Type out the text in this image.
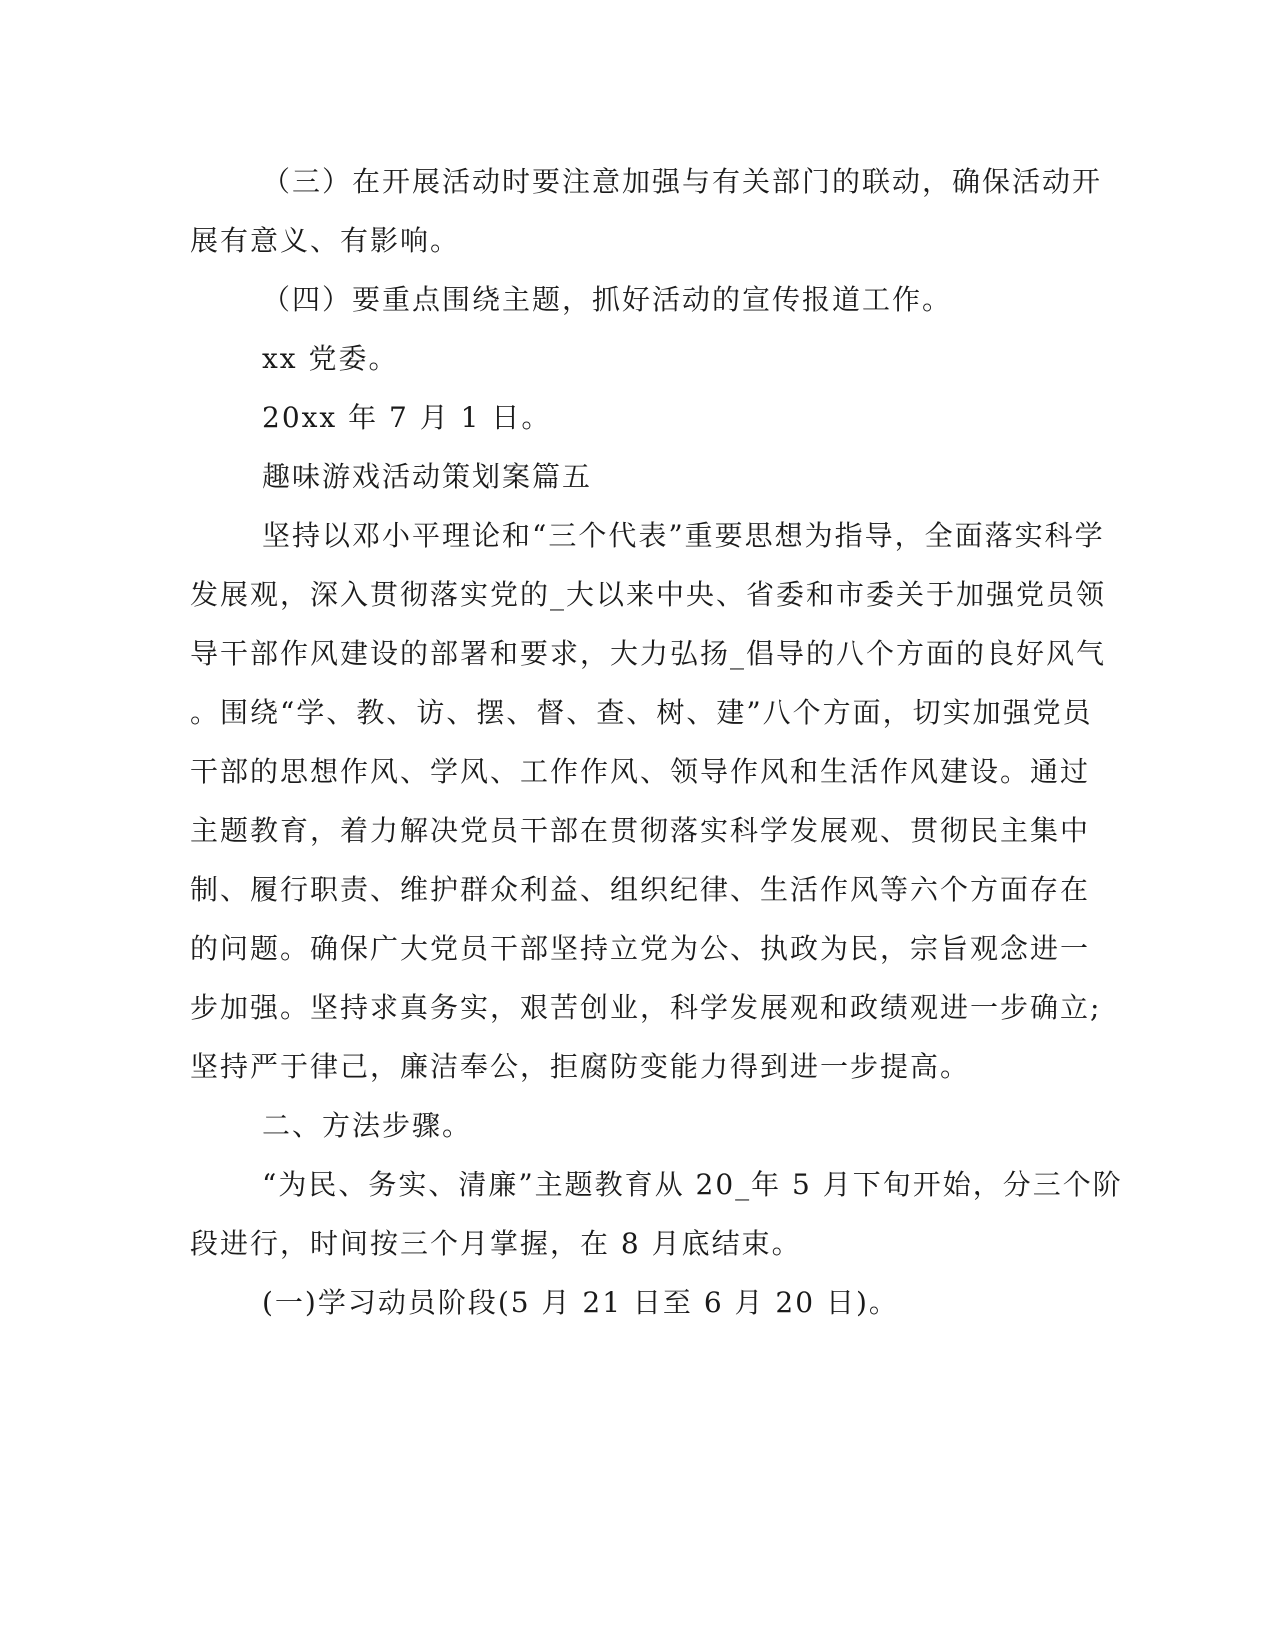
（三）在开展活动时要注意加强与有关部门的联动，确保活动开
展有意义、有影响。
（四）要重点围绕主题，抓好活动的宣传报道工作。
xx 党委。
20xx 年 7 月 1 日。
趣味游戏活动策划案篇五
坚持以邓小平理论和“三个代表”重要思想为指导，全面落实科学
发展观，深入贯彻落实党的_大以来中央、省委和市委关于加强党员领
导干部作风建设的部署和要求，大力弘扬_倡导的八个方面的良好风气
。围绕“学、教、访、摆、督、查、树、建”八个方面，切实加强党员
干部的思想作风、学风、工作作风、领导作风和生活作风建设。通过
主题教育，着力解决党员干部在贯彻落实科学发展观、贯彻民主集中
制、履行职责、维护群众利益、组织纪律、生活作风等六个方面存在
的问题。确保广大党员干部坚持立党为公、执政为民，宗旨观念进一
步加强。坚持求真务实，艰苦创业，科学发展观和政绩观进一步确立;
坚持严于律己，廉洁奉公，拒腐防变能力得到进一步提高。
二、方法步骤。
“为民、务实、清廉”主题教育从 20_年 5 月下旬开始，分三个阶
段进行，时间按三个月掌握，在 8 月底结束。
(一)学习动员阶段(5 月 21 日至 6 月 20 日)。
